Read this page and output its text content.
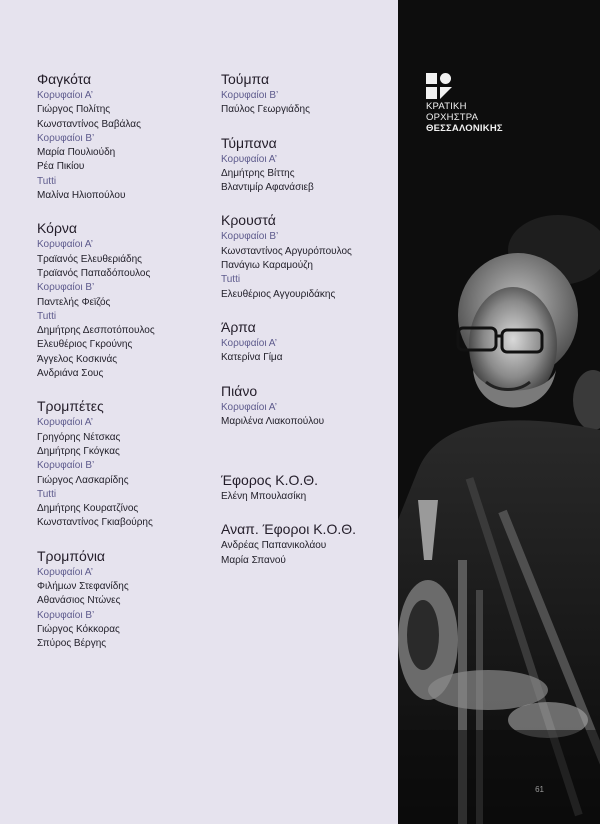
Φαγκότα
Κορυφαίοι Α’
Γιώργος Πολίτης
Κωνσταντίνος Βαβάλας
Κορυφαίοι Β’
Μαρία Πουλιούδη
Ρέα Πικίου
Tutti
Μαλίνα Ηλιοπούλου
Κόρνα
Κορυφαίοι Α’
Τραϊανός Ελευθεριάδης
Τραϊανός Παπαδόπουλος
Κορυφαίοι Β’
Παντελής Φεϊζός
Tutti
Δημήτρης Δεσποτόπουλος
Ελευθέριος Γκρούνης
Άγγελος Κοσκινάς
Ανδριάνα Σους
Τρομπέτες
Κορυφαίοι Α’
Γρηγόρης Νέτσκας
Δημήτρης Γκόγκας
Κορυφαίοι Β’
Γιώργος Λασκαρίδης
Tutti
Δημήτρης Κουρατζίνος
Κωνσταντίνος Γκιαβούρης
Τρομπόνια
Κορυφαίοι Α’
Φιλήμων Στεφανίδης
Αθανάσιος Ντώνες
Κορυφαίοι Β’
Γιώργος Κόκκορας
Σπύρος Βέργης
Τούμπα
Κορυφαίοι Β’
Παύλος Γεωργιάδης
Τύμπανα
Κορυφαίοι Α’
Δημήτρης Βίττης
Βλαντιμίρ Αφανάσιεβ
Κρουστά
Κορυφαίοι Β’
Κωνσταντίνος Αργυρόπουλος
Πανάγιω Καραμούζη
Tutti
Ελευθέριος Αγγουριδάκης
Άρπα
Κορυφαίοι Α’
Κατερίνα Γίμα
Πιάνο
Κορυφαίοι Α’
Μαριλένα Λιακοπούλου
Έφορος Κ.Ο.Θ.
Ελένη Μπουλασίκη
Αναπ. Έφοροι Κ.Ο.Θ.
Ανδρέας Παπανικολάου
Μαρία Σπανού
ΚΡΑΤΙΚΗ
ΟΡΧΗΣΤΡΑ
ΘΕΣΣΑΛΟΝΙΚΗΣ
61
